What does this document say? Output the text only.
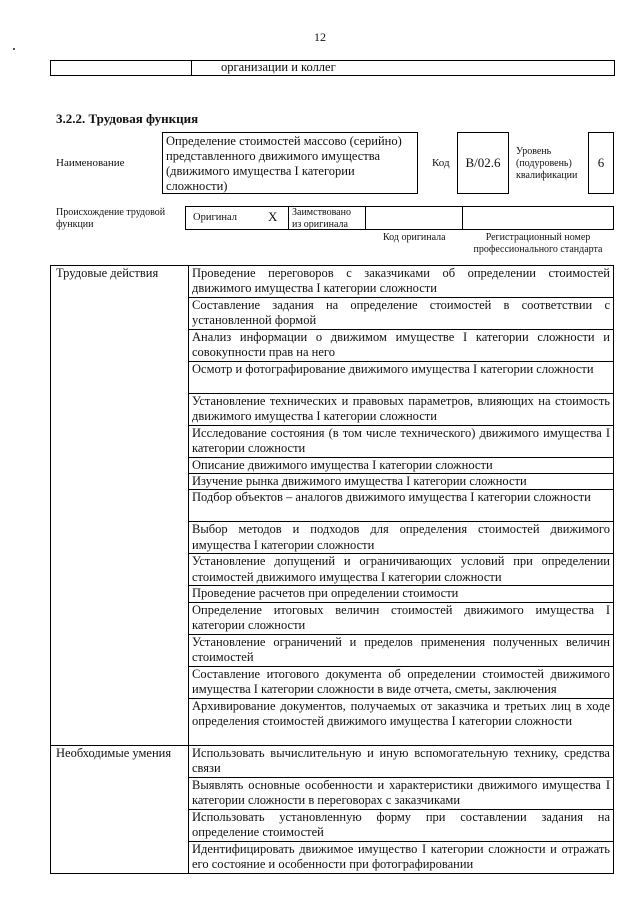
12
организации и коллег
3.2.2. Трудовая функция
Наименование
Определение стоимостей массово (серийно) представленного движимого имущества (движимого имущества I категории сложности)
Код	B/02.6
Уровень (подуровень) квалификации
6
Происхождение трудовой функции
Оригинал X	Заимствовано из оригинала
Код оригинала	Регистрационный номер профессионального стандарта
Трудовые действия	Проведение переговоров с заказчиками об определении стоимостей движимого имущества I категории сложности
	Составление задания на определение стоимостей в соответствии с установленной формой
	Анализ информации о движимом имуществе I категории сложности и совокупности прав на него
	Осмотр и фотографирование движимого имущества I категории сложности
	Установление технических и правовых параметров, влияющих на стоимость движимого имущества I категории сложности
	Исследование состояния (в том числе технического) движимого имущества I категории сложности
	Описание движимого имущества I категории сложности
	Изучение рынка движимого имущества I категории сложности
	Подбор объектов – аналогов движимого имущества I категории сложности
	Выбор методов и подходов для определения стоимостей движимого имущества I категории сложности
	Установление допущений и ограничивающих условий при определении стоимостей движимого имущества I категории сложности
	Проведение расчетов при определении стоимости
	Определение итоговых величин стоимостей движимого имущества I категории сложности
	Установление ограничений и пределов применения полученных величин стоимостей
	Составление итогового документа об определении стоимостей движимого имущества I категории сложности в виде отчета, сметы, заключения
	Архивирование документов, получаемых от заказчика и третьих лиц в ходе определения стоимостей движимого имущества I категории сложности
Необходимые умения	Использовать вычислительную и иную вспомогательную технику, средства связи
	Выявлять основные особенности и характеристики движимого имущества I категории сложности в переговорах с заказчиками
	Использовать установленную форму при составлении задания на определение стоимостей
	Идентифицировать движимое имущество I категории сложности и отражать его состояние и особенности при фотографировании
